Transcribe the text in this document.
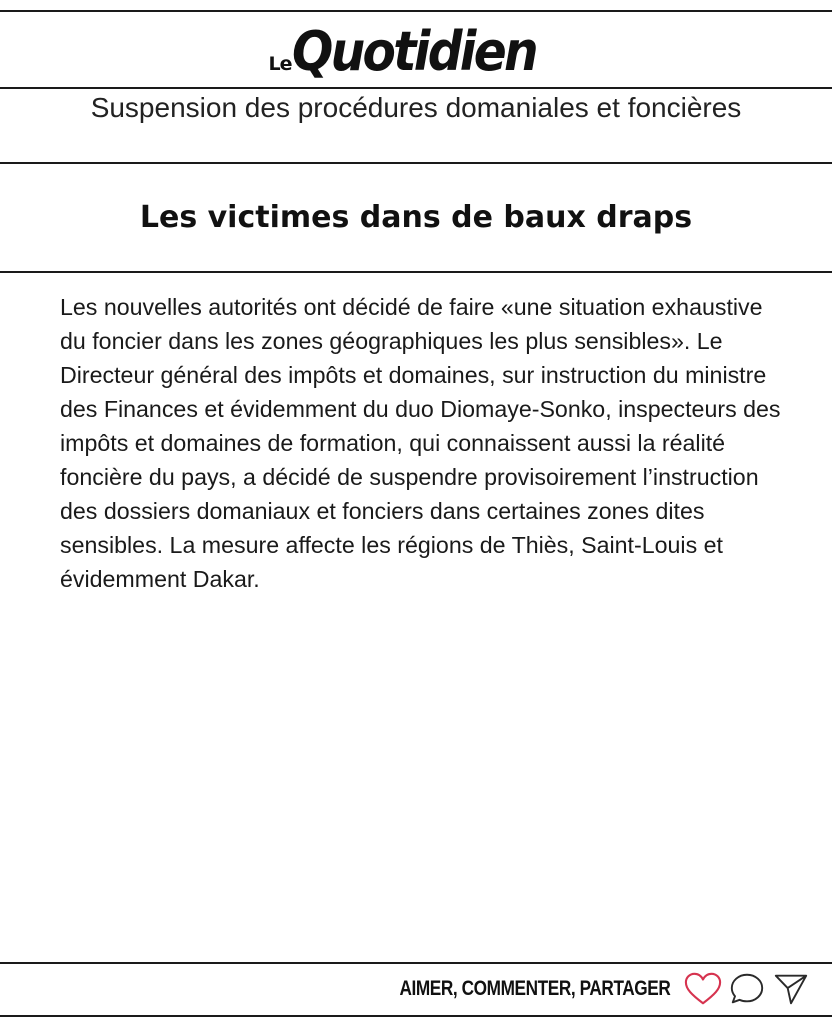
Le Quotidien
Suspension des procédures domaniales et foncières
Les victimes dans de baux draps
Les nouvelles autorités ont décidé de faire «une situation exhaustive du foncier dans les zones géographiques les plus sensibles». Le Directeur général des impôts et domaines, sur instruction du ministre des Finances et évidemment du duo Diomaye-Sonko, inspecteurs des impôts et domaines de formation, qui connaissent aussi la réalité foncière du pays, a décidé de suspendre provisoirement l’instruction des dossiers domaniaux et fonciers dans certaines zones dites sensibles. La mesure affecte les régions de Thiès, Saint-Louis et évidemment Dakar.
AIMER, COMMENTER, PARTAGER
